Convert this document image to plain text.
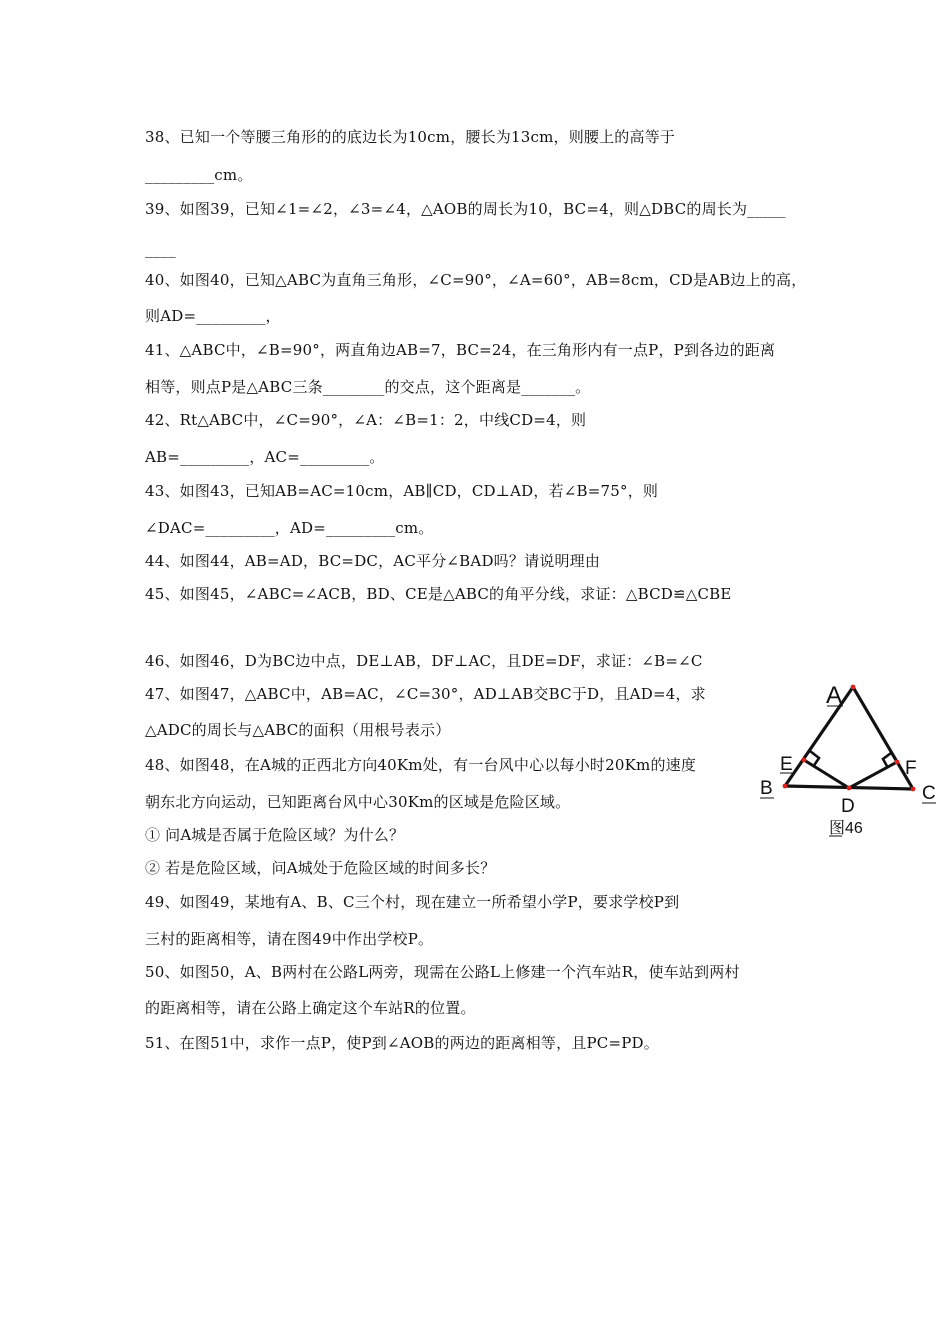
38、已知一个等腰三角形的的底边长为10cm，腰长为13cm，则腰上的高等于
_________cm。
39、如图39，已知∠1=∠2，∠3=∠4，△AOB的周长为10，BC=4，则△DBC的周长为_____
____
40、如图40，已知△ABC为直角三角形，∠C=90°，∠A=60°，AB=8cm，CD是AB边上的高，
则AD=_________，
41、△ABC中，∠B=90°，两直角边AB=7，BC=24，在三角形内有一点P，P到各边的距离
相等，则点P是△ABC三条________的交点，这个距离是_______。
42、Rt△ABC中，∠C=90°，∠A：∠B=1：2，中线CD=4，则
AB=_________，AC=_________。
43、如图43，已知AB=AC=10cm，AB∥CD，CD⊥AD，若∠B=75°，则
∠DAC=_________，AD=_________cm。
44、如图44，AB=AD，BC=DC，AC平分∠BAD吗？请说明理由
45、如图45，∠ABC=∠ACB，BD、CE是△ABC的角平分线，求证：△BCD≌△CBE
46、如图46，D为BC边中点，DE⊥AB，DF⊥AC，且DE=DF，求证：∠B=∠C
47、如图47，△ABC中，AB=AC，∠C=30°，AD⊥AB交BC于D，且AD=4，求
△ADC的周长与△ABC的面积（用根号表示）
48、如图48，在A城的正西北方向40Km处，有一台风中心以每小时20Km的速度
朝东北方向运动，已知距离台风中心30Km的区域是危险区域。
① 问A城是否属于危险区域？为什么？
② 若是危险区域，问A城处于危险区域的时间多长？
49、如图49，某地有A、B、C三个村，现在建立一所希望小学P，要求学校P到
三村的距离相等，请在图49中作出学校P。
50、如图50，A、B两村在公路L两旁，现需在公路L上修建一个汽车站R，使车站到两村
的距离相等，请在公路上确定这个车站R的位置。
51、在图51中，求作一点P，使P到∠AOB的两边的距离相等，且PC=PD。
A
E	F
B	C
D
图46
